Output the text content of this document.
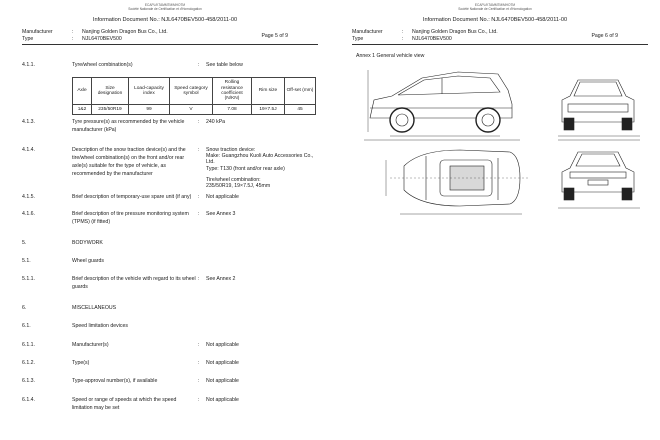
ECAPL/KTAMMTM/MHOTM
Société Nationale de Certification et d'Homologation
Information Document No.: NJL6470BEV500-458/2011-00
Manufacturer	:	Nanjing Golden Dragon Bus Co., Ltd.
Type	:	NJL6470BEV500	Page 5 of 9
4.1.1.	Tyre/wheel combination(s)	:	See table below
Axle	Size designation	Load-capacity index	Speed category symbol	Rolling resistance coefficient (N/KN)	Rim size	Off-set (mm)
1&2	235/50R19	99	V	7.08	19×7.5J	45
4.1.3.	Tyre pressure(s) as recommended by the vehicle manufacturer (kPa)
:	240 kPa
4.1.4.	Description of the snow traction device(s) and the tire/wheel combination(s) on the front and/or rear axle(s) suitable for the type of vehicle, as recommended by the manufacturer
:	Snow traction device:
Make: Guangzhou Kuoli Auto Accessories Co., Ltd.
Type: T130 (front and/or rear axle)
Tire/wheel combination:
235/50R19, 19×7.5J, 45mm
4.1.5.	Brief description of temporary-use spare unit (if any)	:	Not applicable
4.1.6.	Brief description of tire pressure monitoring system (TPMS) (if fitted)
:	See Annex 3
5.	BODYWORK
5.1.	Wheel guards
5.1.1.	Brief description of the vehicle with regard to its wheel guards
:	See Annex 2
6.	MISCELLANEOUS
6.1.	Speed limitation devices
6.1.1.	Manufacturer(s)	:	Not applicable
6.1.2.	Type(s)	:	Not applicable
6.1.3.	Type-approval number(s), if available	:	Not applicable
6.1.4.	Speed or range of speeds at which the speed limitation may be set
:	Not applicable
ECAPL/KTAMMTM/MHOTM
Société Nationale de Certification et d'Homologation
Information Document No.: NJL6470BEV500-458/2011-00
Manufacturer	:	Nanjing Golden Dragon Bus Co., Ltd.
Type	:	NJL6470BEV500	Page 6 of 9
Annex 1 General vehicle view
